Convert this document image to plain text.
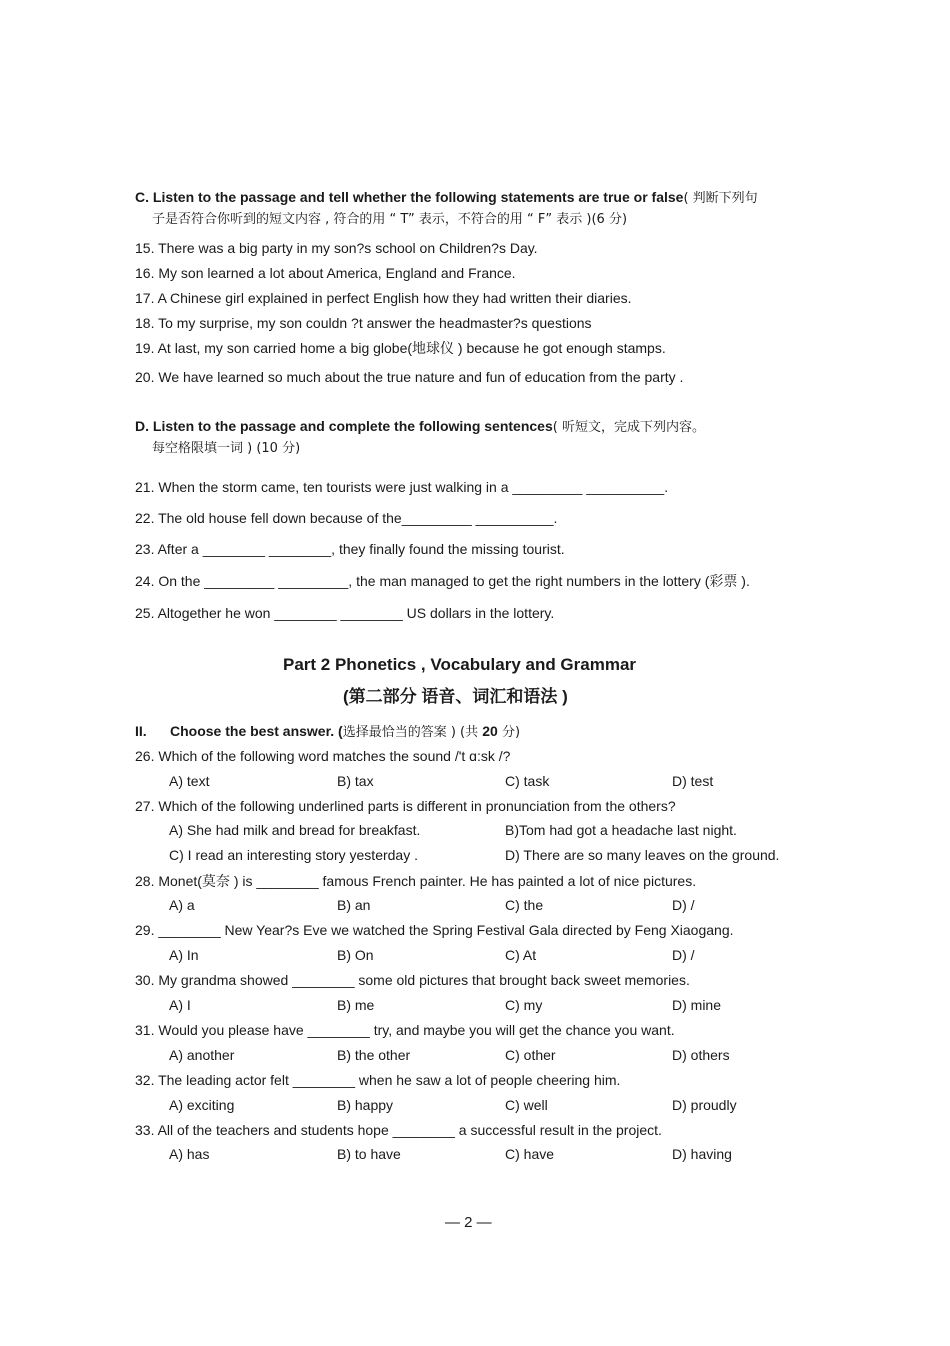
C. Listen to the passage and tell whether the following statements are true or false( 判断下列句
子是否符合你听到的短文内容 , 符合的用 “ T” 表示，不符合的用 “ F” 表示 )(6 分)
15. There was a big party in my son?s school on Children?s Day.
16. My son learned a lot about America, England and France.
17. A Chinese girl explained in perfect English how they had written their diaries.
18. To my surprise, my son couldn ?t answer the headmaster?s questions
19. At last, my son carried home a big globe(地球仪 ) because he got enough stamps.
20. We have learned so much about the true nature and fun of education from the party .
D. Listen to the passage and complete the following sentences( 听短文，完成下列内容。
每空格限填一词 ) (10 分)
21. When the storm came, ten tourists were just walking in a _________ __________.
22. The old house fell down because of the_________ __________.
23. After a ________ ________, they finally found the missing tourist.
24. On the _________ _________, the man managed to get the right numbers in the lottery (彩票 ).
25. Altogether he won ________ ________ US dollars in the lottery.
Part 2 Phonetics , Vocabulary and Grammar
(第二部分 语音、词汇和语法 )
II. Choose the best answer. (选择最恰当的答案 ) (共 20 分)
26. Which of the following word matches the sound /'t ɑ:sk /?
A) text	B) tax	C) task	D) test
27. Which of the following underlined parts is different in pronunciation from the others?
A) She had milk and bread for breakfast.	B)Tom had got a headache last night.
C) I read an interesting story yesterday .	D) There are so many leaves on the ground.
28. Monet(莫奈 ) is ________ famous French painter. He has painted a lot of nice pictures.
A) a	B) an	C) the	D) /
29. ________ New Year?s Eve we watched the Spring Festival Gala directed by Feng Xiaogang.
A) In	B) On	C) At	D) /
30. My grandma showed ________ some old pictures that brought back sweet memories.
A) I	B) me	C) my	D) mine
31. Would you please have ________ try, and maybe you will get the chance you want.
A) another	B) the other	C) other	D) others
32. The leading actor felt ________ when he saw a lot of people cheering him.
A) exciting	B) happy	C) well	D) proudly
33. All of the teachers and students hope ________ a successful result in the project.
A) has	B) to have	C) have	D) having
— 2 —
